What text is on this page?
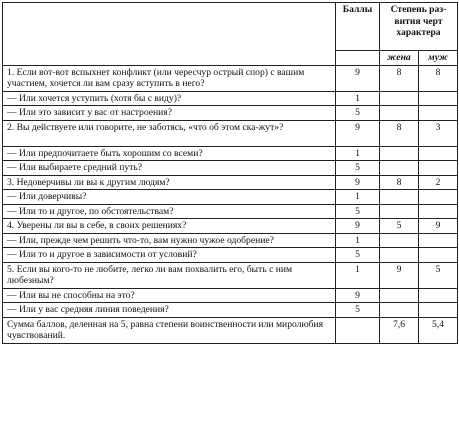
	Баллы	Степень раз-вития черт характера	
		жена	муж
1. Если вот-вот вспыхнет конфликт (или чересчур острый спор) с вашим участием, хочется ли вам сразу вступить в него?	9	8	8
— Или хочется уступить (хотя бы с виду)?	1		
— Или это зависит у вас от настроения?	5		
2. Вы действуете или говорите, не заботясь, «что об этом ска-жут»?	9	8	3
— Или предпочитаете быть хорошим со всеми?	1		
— Или выбираете средний путь?	5		
3. Недоверчивы ли вы к другим людям?	9	8	2
— Или доверчивы?	1		
— Или то и другое, по обстоятельствам?	5		
4. Уверены ли вы в себе, в своих решениях?	9	5	9
— Или, прежде чем решить что-то, вам нужно чужое одобрение?	1		
— Или то и другое в зависимости от условий?	5		
5. Если вы кого-то не любите, легко ли вам похвалить его, быть с ним любезным?	1	9	5
— Или вы не способны на это?	9		
— Или у вас средняя линия поведения?	5		
Сумма баллов, деленная на 5, равна степени воинственности или миролюбия чувствований.		7,6	5,4
